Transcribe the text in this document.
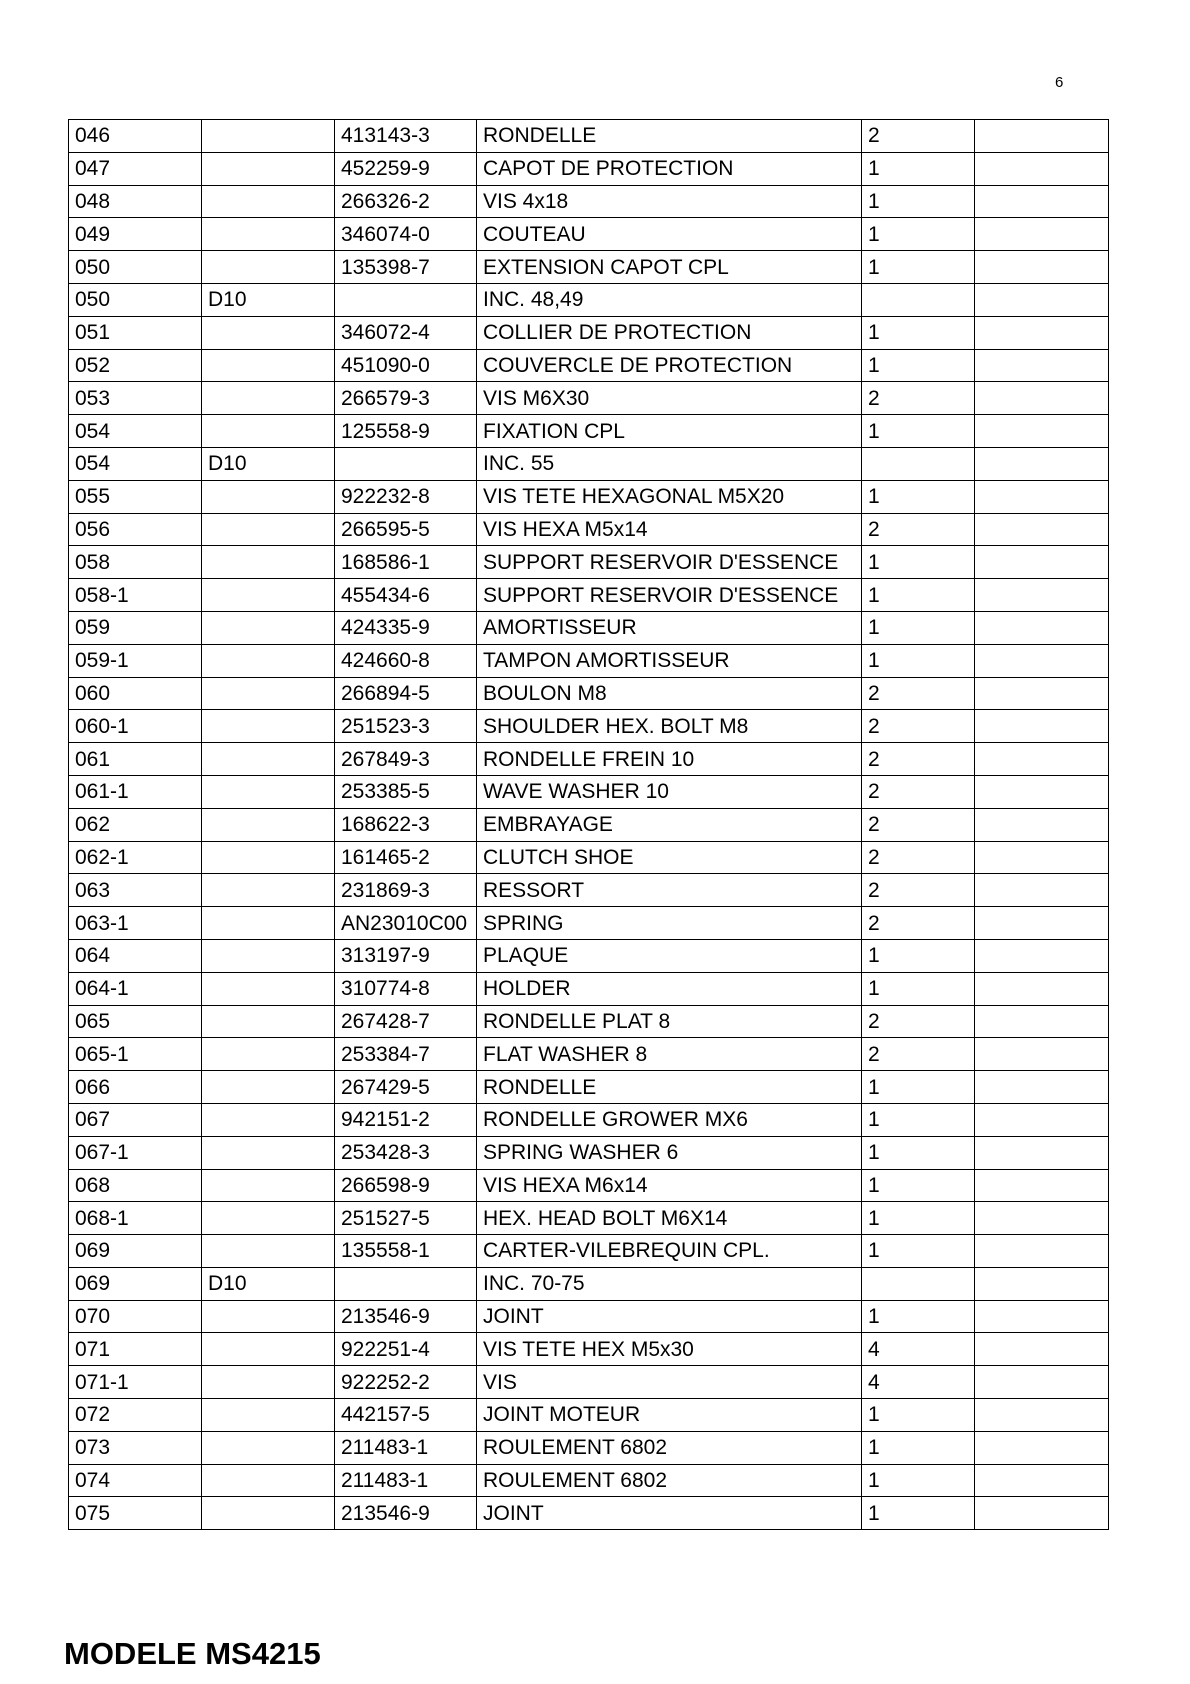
6
046		413143-3	RONDELLE	2	
047		452259-9	CAPOT DE PROTECTION	1	
048		266326-2	VIS 4x18	1	
049		346074-0	COUTEAU	1	
050		135398-7	EXTENSION CAPOT CPL	1	
050	D10		INC. 48,49		
051		346072-4	COLLIER DE PROTECTION	1	
052		451090-0	COUVERCLE DE PROTECTION	1	
053		266579-3	VIS M6X30	2	
054		125558-9	FIXATION CPL	1	
054	D10		INC. 55		
055		922232-8	VIS TETE HEXAGONAL M5X20	1	
056		266595-5	VIS HEXA M5x14	2	
058		168586-1	SUPPORT RESERVOIR D'ESSENCE	1	
058-1		455434-6	SUPPORT RESERVOIR D'ESSENCE	1	
059		424335-9	AMORTISSEUR	1	
059-1		424660-8	TAMPON AMORTISSEUR	1	
060		266894-5	BOULON M8	2	
060-1		251523-3	SHOULDER HEX. BOLT M8	2	
061		267849-3	RONDELLE FREIN 10	2	
061-1		253385-5	WAVE WASHER 10	2	
062		168622-3	EMBRAYAGE	2	
062-1		161465-2	CLUTCH SHOE	2	
063		231869-3	RESSORT	2	
063-1		AN23010C00	SPRING	2	
064		313197-9	PLAQUE	1	
064-1		310774-8	HOLDER	1	
065		267428-7	RONDELLE PLAT 8	2	
065-1		253384-7	FLAT WASHER 8	2	
066		267429-5	RONDELLE	1	
067		942151-2	RONDELLE GROWER MX6	1	
067-1		253428-3	SPRING WASHER 6	1	
068		266598-9	VIS HEXA M6x14	1	
068-1		251527-5	HEX. HEAD BOLT M6X14	1	
069		135558-1	CARTER-VILEBREQUIN CPL.	1	
069	D10		INC. 70-75		
070		213546-9	JOINT	1	
071		922251-4	VIS TETE HEX M5x30	4	
071-1		922252-2	VIS	4	
072		442157-5	JOINT MOTEUR	1	
073		211483-1	ROULEMENT 6802	1	
074		211483-1	ROULEMENT 6802	1	
075		213546-9	JOINT	1	
MODELE MS4215
